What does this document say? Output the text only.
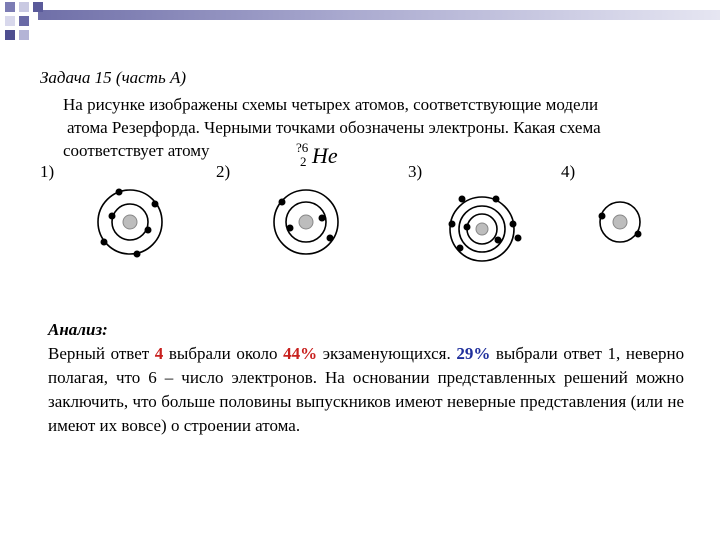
Задача 15 (часть А)
На рисунке изображены схемы четырех атомов, соответствующие модели
атома Резерфорда. Черными точками обозначены электроны. Какая схема
соответствует атому	?6
2 He
1)	2)	3)	4)
Анализ:
Верный ответ 4 выбрали около 44% экзаменующихся. 29% выбрали ответ 1, неверно полагая, что 6 – число электронов. На основании представленных решений можно заключить, что больше половины выпускников имеют неверные представления (или не имеют их вовсе) о строении атома.
